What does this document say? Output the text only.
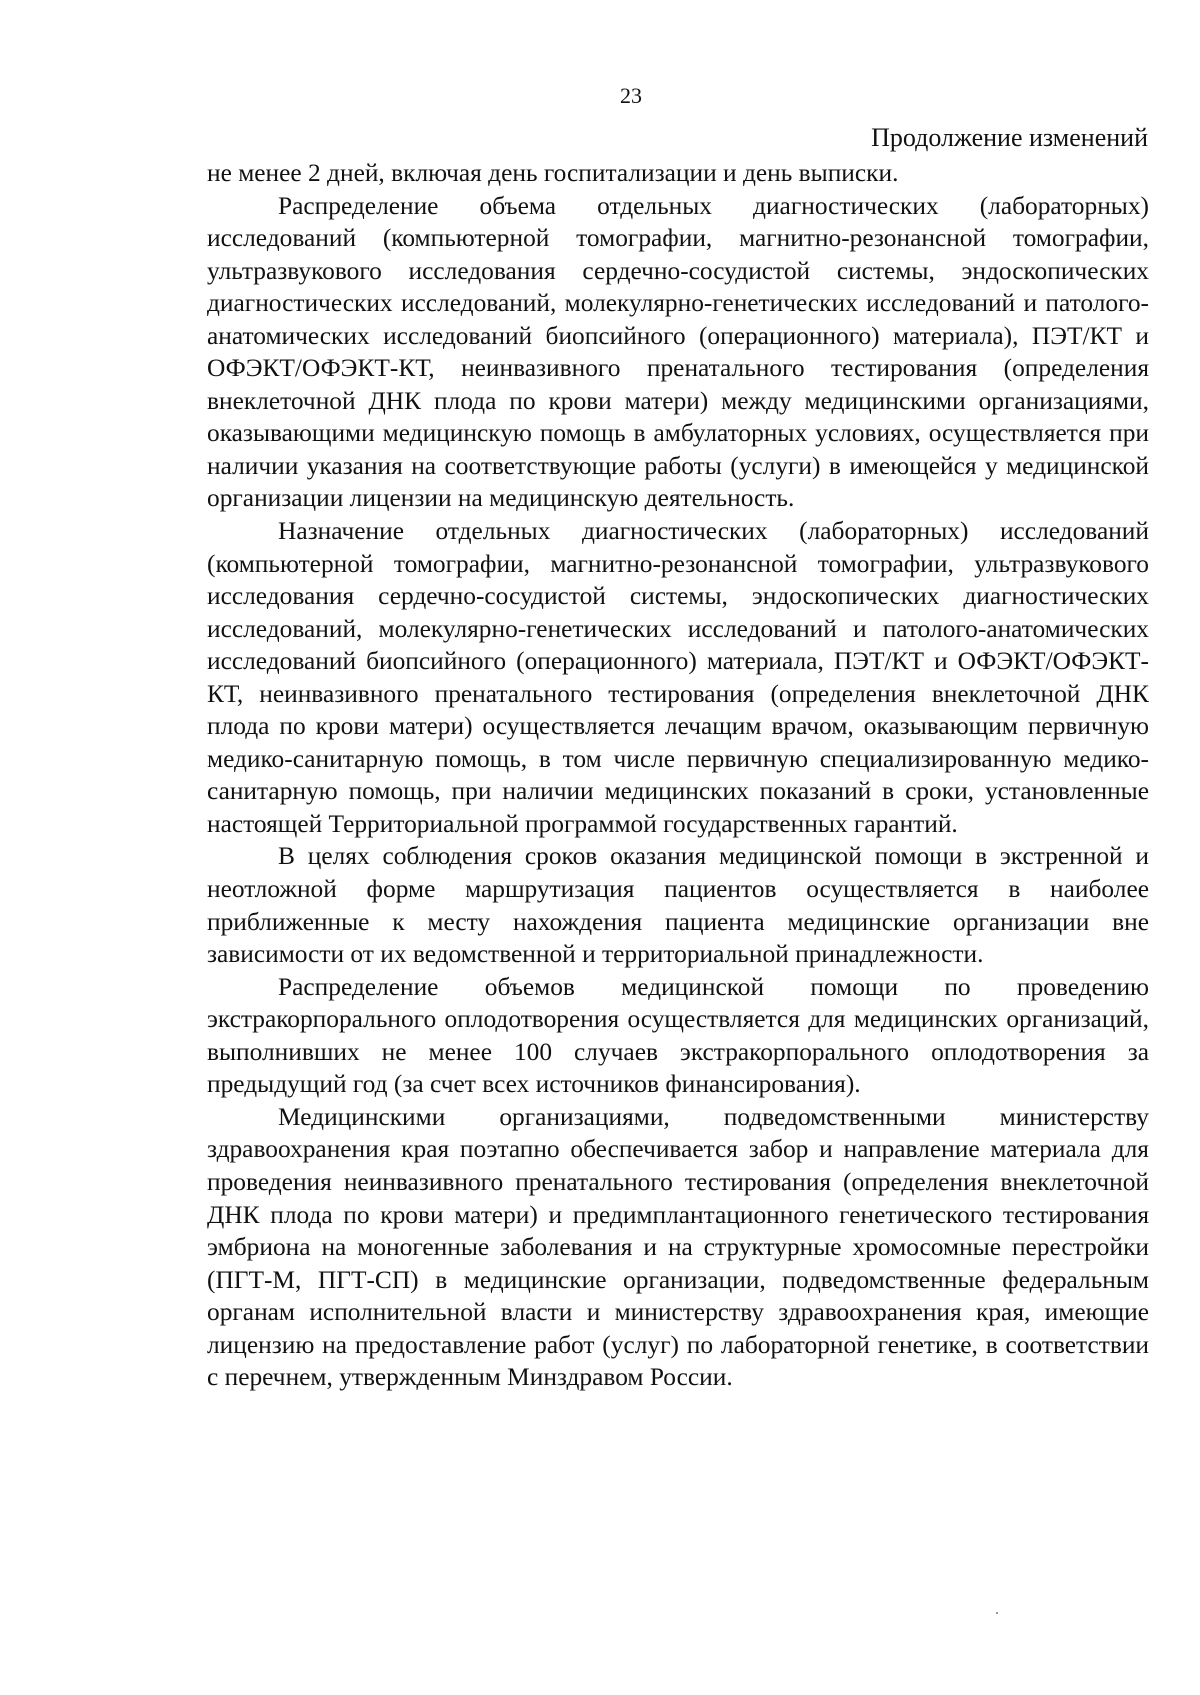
23
Продолжение изменений

не менее 2 дней, включая день госпитализации и день выписки.

Распределение объема отдельных диагностических (лабораторных) исследований (компьютерной томографии, магнитно-резонансной томографии, ультразвукового исследования сердечно-сосудистой системы, эндоскопических диагностических исследований, молекулярно-генетических исследований и патолого-анатомических исследований биопсийного (операционного) материала), ПЭТ/КТ и ОФЭКТ/ОФЭКТ-КТ, неинвазивного пренатального тестирования (определения внеклеточной ДНК плода по крови матери) между медицинскими организациями, оказывающими медицинскую помощь в амбулаторных условиях, осуществляется при наличии указания на соответствующие работы (услуги) в имеющейся у медицинской организации лицензии на медицинскую деятельность.

Назначение отдельных диагностических (лабораторных) исследований (компьютерной томографии, магнитно-резонансной томографии, ультразвукового исследования сердечно-сосудистой системы, эндоскопических диагностических исследований, молекулярно-генетических исследований и патолого-анатомических исследований биопсийного (операционного) материала, ПЭТ/КТ и ОФЭКТ/ОФЭКТ-КТ, неинвазивного пренатального тестирования (определения внеклеточной ДНК плода по крови матери) осуществляется лечащим врачом, оказывающим первичную медико-санитарную помощь, в том числе первичную специализированную медико-санитарную помощь, при наличии медицинских показаний в сроки, установленные настоящей Территориальной программой государственных гарантий.

В целях соблюдения сроков оказания медицинской помощи в экстренной и неотложной форме маршрутизация пациентов осуществляется в наиболее приближенные к месту нахождения пациента медицинские организации вне зависимости от их ведомственной и территориальной принадлежности.

Распределение объемов медицинской помощи по проведению экстракорпорального оплодотворения осуществляется для медицинских организаций, выполнивших не менее 100 случаев экстракорпорального оплодотворения за предыдущий год (за счет всех источников финансирования).

Медицинскими организациями, подведомственными министерству здравоохранения края поэтапно обеспечивается забор и направление материала для проведения неинвазивного пренатального тестирования (определения внеклеточной ДНК плода по крови матери) и предимплантационного генетического тестирования эмбриона на моногенные заболевания и на структурные хромосомные перестройки (ПГТ-М, ПГТ-СП) в медицинские организации, подведомственные федеральным органам исполнительной власти и министерству здравоохранения края, имеющие лицензию на предоставление работ (услуг) по лабораторной генетике, в соответствии с перечнем, утвержденным Минздравом России.
